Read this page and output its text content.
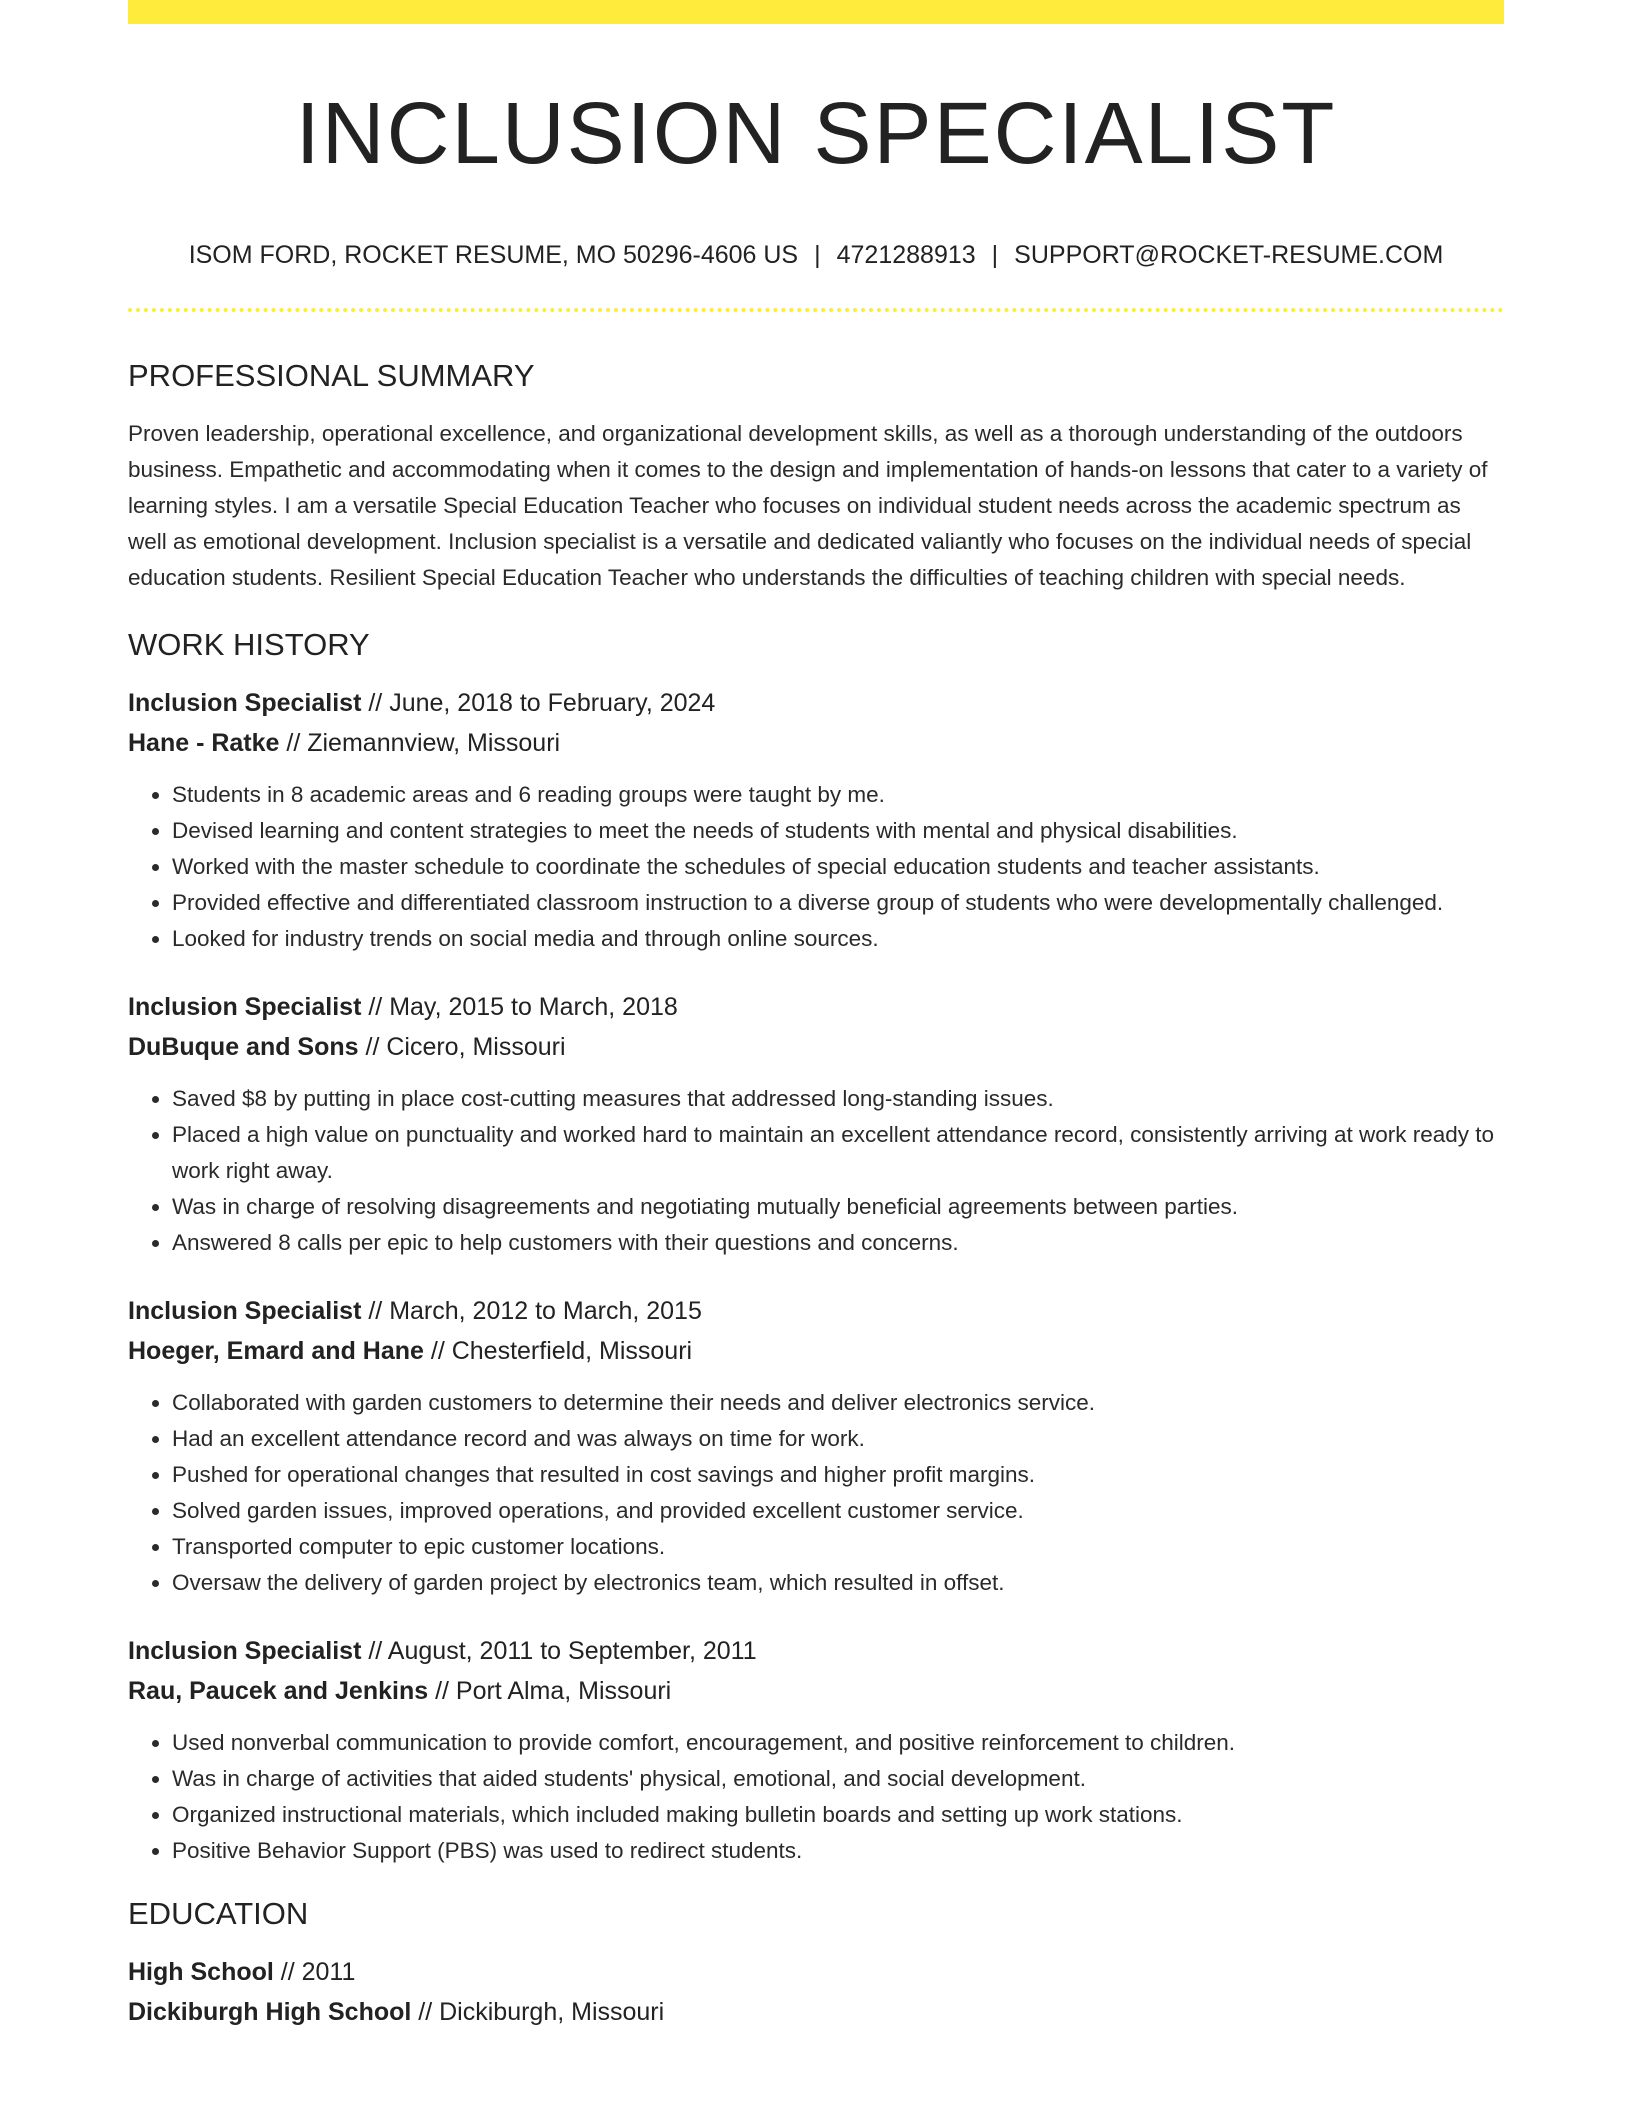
INCLUSION SPECIALIST
ISOM FORD, ROCKET RESUME, MO 50296-4606 US | 4721288913 | SUPPORT@ROCKET-RESUME.COM
PROFESSIONAL SUMMARY
Proven leadership, operational excellence, and organizational development skills, as well as a thorough understanding of the outdoors business. Empathetic and accommodating when it comes to the design and implementation of hands-on lessons that cater to a variety of learning styles. I am a versatile Special Education Teacher who focuses on individual student needs across the academic spectrum as well as emotional development. Inclusion specialist is a versatile and dedicated valiantly who focuses on the individual needs of special education students. Resilient Special Education Teacher who understands the difficulties of teaching children with special needs.
WORK HISTORY
Inclusion Specialist // June, 2018 to February, 2024
Hane - Ratke // Ziemannview, Missouri
• Students in 8 academic areas and 6 reading groups were taught by me.
• Devised learning and content strategies to meet the needs of students with mental and physical disabilities.
• Worked with the master schedule to coordinate the schedules of special education students and teacher assistants.
• Provided effective and differentiated classroom instruction to a diverse group of students who were developmentally challenged.
• Looked for industry trends on social media and through online sources.
Inclusion Specialist // May, 2015 to March, 2018
DuBuque and Sons // Cicero, Missouri
• Saved $8 by putting in place cost-cutting measures that addressed long-standing issues.
• Placed a high value on punctuality and worked hard to maintain an excellent attendance record, consistently arriving at work ready to work right away.
• Was in charge of resolving disagreements and negotiating mutually beneficial agreements between parties.
• Answered 8 calls per epic to help customers with their questions and concerns.
Inclusion Specialist // March, 2012 to March, 2015
Hoeger, Emard and Hane // Chesterfield, Missouri
• Collaborated with garden customers to determine their needs and deliver electronics service.
• Had an excellent attendance record and was always on time for work.
• Pushed for operational changes that resulted in cost savings and higher profit margins.
• Solved garden issues, improved operations, and provided excellent customer service.
• Transported computer to epic customer locations.
• Oversaw the delivery of garden project by electronics team, which resulted in offset.
Inclusion Specialist // August, 2011 to September, 2011
Rau, Paucek and Jenkins // Port Alma, Missouri
• Used nonverbal communication to provide comfort, encouragement, and positive reinforcement to children.
• Was in charge of activities that aided students' physical, emotional, and social development.
• Organized instructional materials, which included making bulletin boards and setting up work stations.
• Positive Behavior Support (PBS) was used to redirect students.
EDUCATION
High School // 2011
Dickiburgh High School // Dickiburgh, Missouri
